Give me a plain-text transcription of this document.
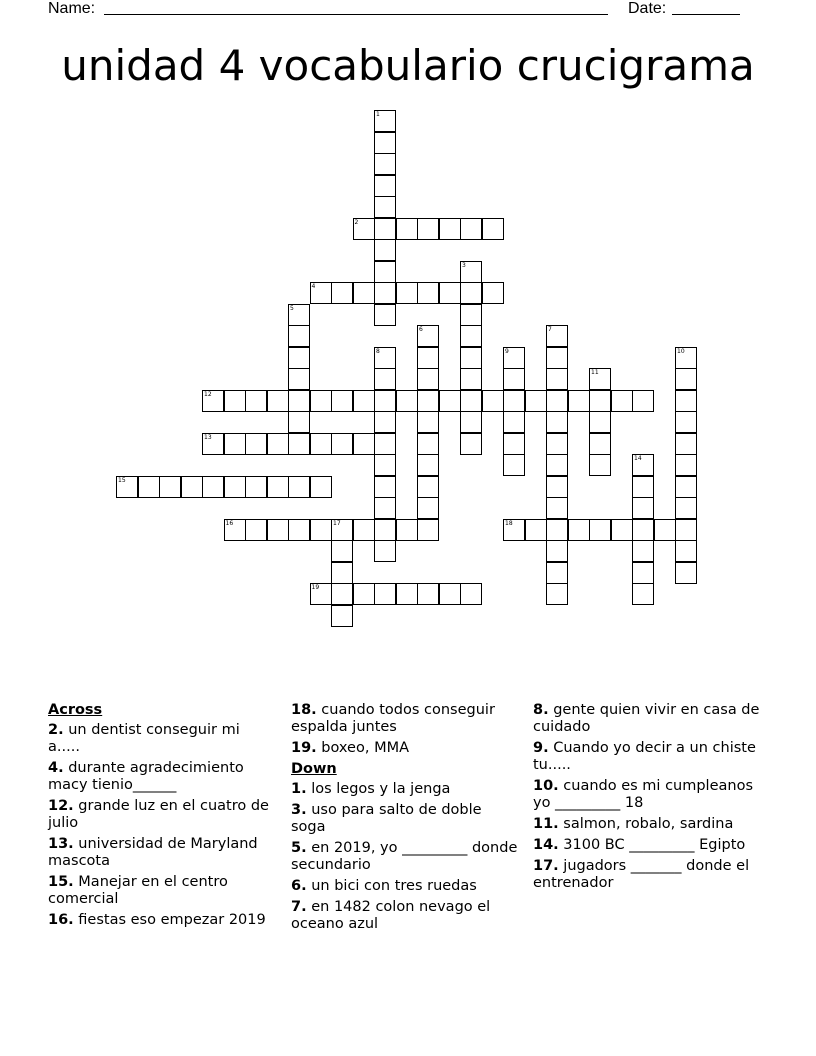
Name:	Date:
unidad 4 vocabulario crucigrama
1
2
3
4
5
6	7
8	9	10
11
12
13
14
15
16	17	18
19
Across
2. un dentist conseguir mi a.....
4. durante agradecimiento macy tienio______
12. grande luz en el cuatro de julio
13. universidad de Maryland mascota
15. Manejar en el centro comercial
16. fiestas eso empezar 2019
18. cuando todos conseguir espalda juntes
19. boxeo, MMA
Down
1. los legos y la jenga
3. uso para salto de doble soga
5. en 2019, yo _________ donde secundario
6. un bici con tres ruedas
7. en 1482 colon nevago el oceano azul
8. gente quien vivir en casa de cuidado
9. Cuando yo decir a un chiste tu.....
10. cuando es mi cumpleanos yo _________ 18
11. salmon, robalo, sardina
14. 3100 BC _________ Egipto
17. jugadors _______ donde el entrenador
